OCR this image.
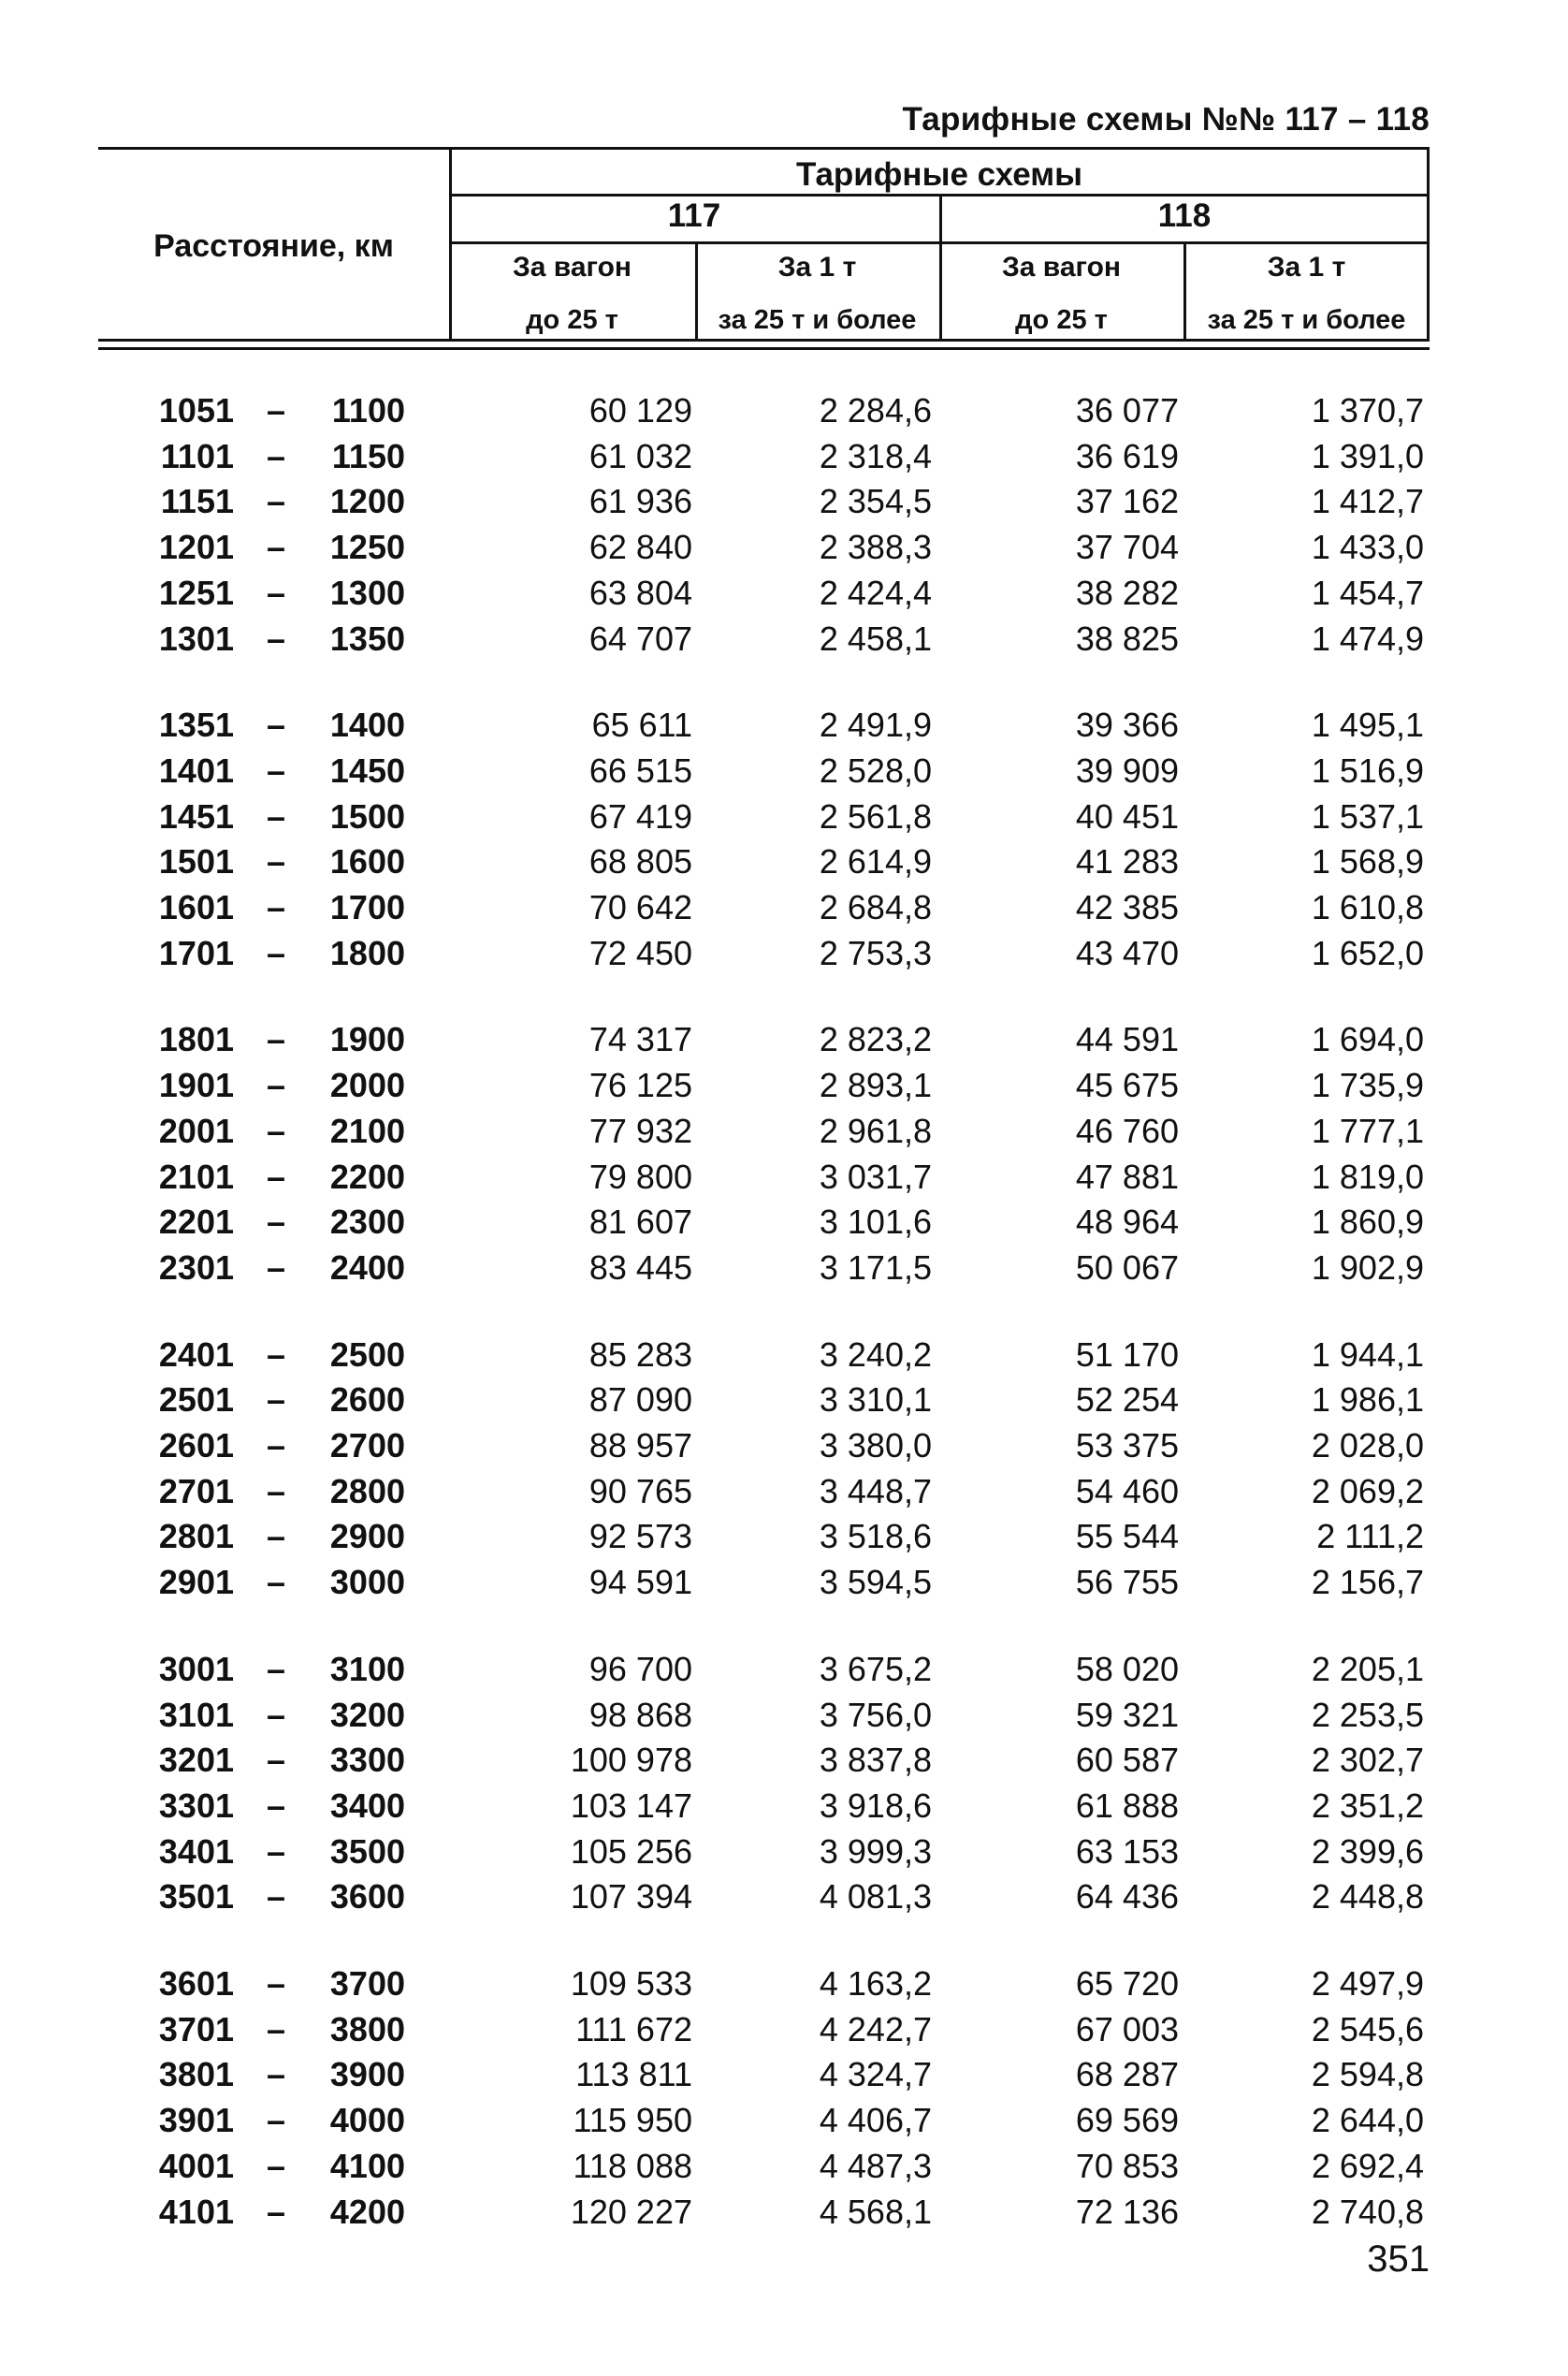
Тарифные схемы №№ 117 – 118
Расстояние, км
Тарифные схемы
117	118
За вагон
до 25 т
За 1 т
за 25 т и более
За вагон
до 25 т
За 1 т
за 25 т и более
1051 –	1100	60 129	2 284,6	36 077	1 370,7
1101 –	1150	61 032	2 318,4	36 619	1 391,0
1151 –	1200	61 936	2 354,5	37 162	1 412,7
1201 –	1250	62 840	2 388,3	37 704	1 433,0
1251 –	1300	63 804	2 424,4	38 282	1 454,7
1301 –	1350	64 707	2 458,1	38 825	1 474,9
1351 –	1400	65 611	2 491,9	39 366	1 495,1
1401 –	1450	66 515	2 528,0	39 909	1 516,9
1451 –	1500	67 419	2 561,8	40 451	1 537,1
1501 –	1600	68 805	2 614,9	41 283	1 568,9
1601 –	1700	70 642	2 684,8	42 385	1 610,8
1701 –	1800	72 450	2 753,3	43 470	1 652,0
1801 –	1900	74 317	2 823,2	44 591	1 694,0
1901 –	2000	76 125	2 893,1	45 675	1 735,9
2001 –	2100	77 932	2 961,8	46 760	1 777,1
2101 –	2200	79 800	3 031,7	47 881	1 819,0
2201 –	2300	81 607	3 101,6	48 964	1 860,9
2301 –	2400	83 445	3 171,5	50 067	1 902,9
2401 –	2500	85 283	3 240,2	51 170	1 944,1
2501 –	2600	87 090	3 310,1	52 254	1 986,1
2601 –	2700	88 957	3 380,0	53 375	2 028,0
2701 –	2800	90 765	3 448,7	54 460	2 069,2
2801 –	2900	92 573	3 518,6	55 544	2 111,2
2901 –	3000	94 591	3 594,5	56 755	2 156,7
3001 –	3100	96 700	3 675,2	58 020	2 205,1
3101 –	3200	98 868	3 756,0	59 321	2 253,5
3201 –	3300	100 978	3 837,8	60 587	2 302,7
3301 –	3400	103 147	3 918,6	61 888	2 351,2
3401 –	3500	105 256	3 999,3	63 153	2 399,6
3501 –	3600	107 394	4 081,3	64 436	2 448,8
3601 –	3700	109 533	4 163,2	65 720	2 497,9
3701 –	3800	111 672	4 242,7	67 003	2 545,6
3801 –	3900	113 811	4 324,7	68 287	2 594,8
3901 –	4000	115 950	4 406,7	69 569	2 644,0
4001 –	4100	118 088	4 487,3	70 853	2 692,4
4101 –	4200	120 227	4 568,1	72 136	2 740,8
351
